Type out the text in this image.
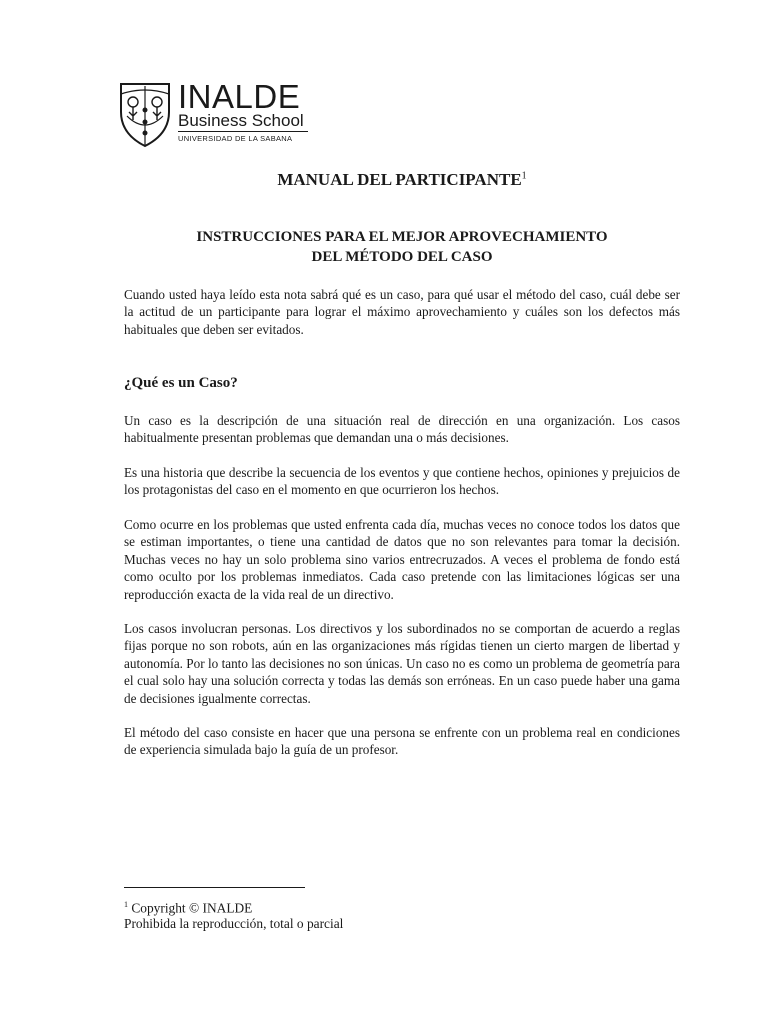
INALDE
Business School
UNIVERSIDAD DE LA SABANA
MANUAL DEL PARTICIPANTE$^1$
INSTRUCCIONES PARA EL MEJOR APROVECHAMIENTO
DEL MÉTODO DEL CASO

Cuando usted haya leído esta nota sabrá qué es un caso, para qué usar el método del caso, cuál debe ser la actitud de un participante para lograr el máximo aprovechamiento y cuáles son los defectos más habituales que deben ser evitados.

¿Qué es un Caso?

Un caso es la descripción de una situación real de dirección en una organización. Los casos habitualmente presentan problemas que demandan una o más decisiones.

Es una historia que describe la secuencia de los eventos y que contiene hechos, opiniones y prejuicios de los protagonistas del caso en el momento en que ocurrieron los hechos.

Como ocurre en los problemas que usted enfrenta cada día, muchas veces no conoce todos los datos que se estiman importantes, o tiene una cantidad de datos que no son relevantes para tomar la decisión. Muchas veces no hay un solo problema sino varios entrecruzados. A veces el problema de fondo está como oculto por los problemas inmediatos. Cada caso pretende con las limitaciones lógicas ser una reproducción exacta de la vida real de un directivo.

Los casos involucran personas. Los directivos y los subordinados no se comportan de acuerdo a reglas fijas porque no son robots, aún en las organizaciones más rígidas tienen un cierto margen de libertad y autonomía. Por lo tanto las decisiones no son únicas. Un caso no es como un problema de geometría para el cual solo hay una solución correcta y todas las demás son erróneas. En un caso puede haber una gama de decisiones igualmente correctas.

El método del caso consiste en hacer que una persona se enfrente con un problema real en condiciones de experiencia simulada bajo la guía de un profesor.

$^1$ Copyright © INALDE

Prohibida la reproducción, total o parcial
